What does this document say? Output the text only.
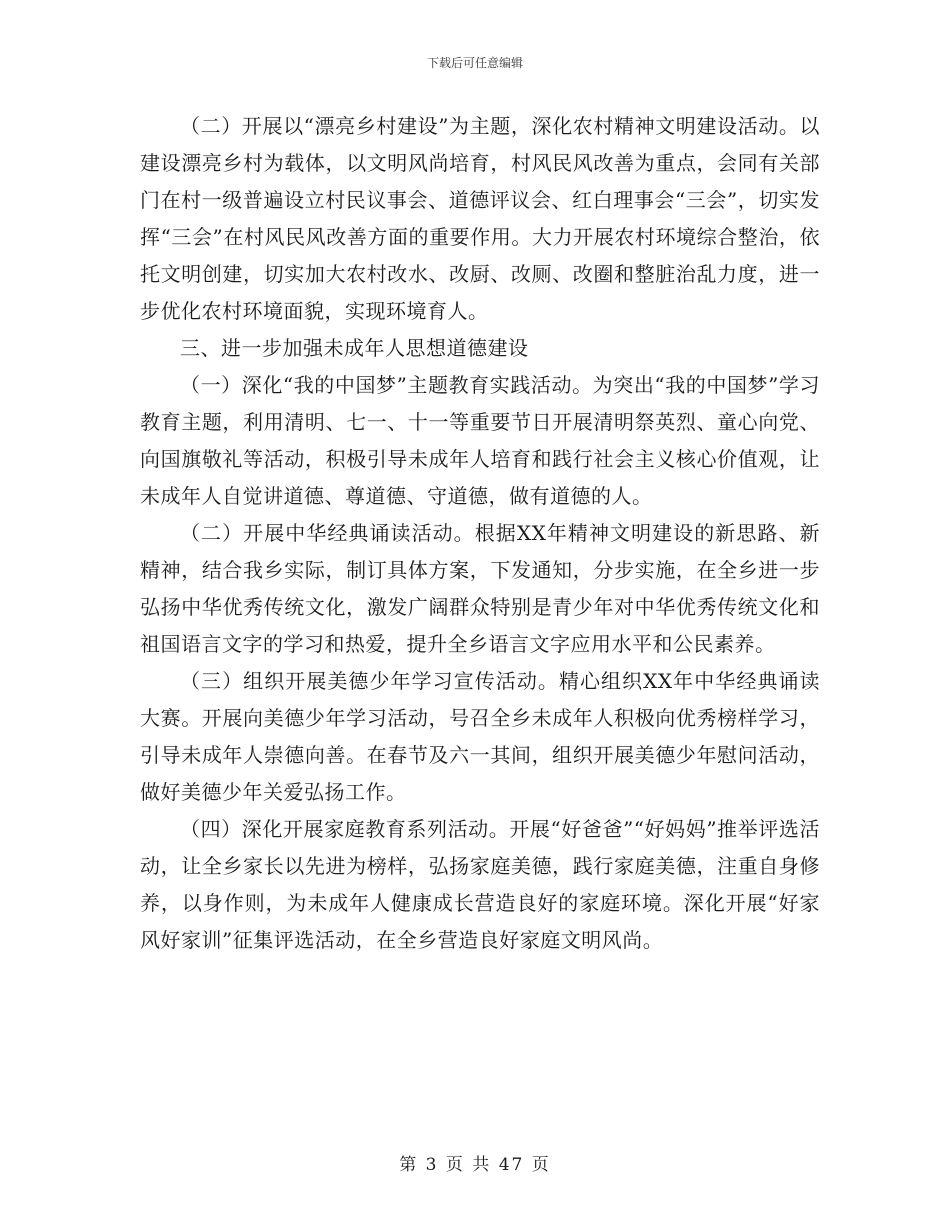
下载后可任意编辑

（二）开展以“漂亮乡村建设”为主题，深化农村精神文明建设活动。以建设漂亮乡村为载体，以文明风尚培育，村风民风改善为重点，会同有关部门在村一级普遍设立村民议事会、道德评议会、红白理事会“三会”，切实发挥“三会”在村风民风改善方面的重要作用。大力开展农村环境综合整治，依托文明创建，切实加大农村改水、改厨、改厕、改圈和整脏治乱力度，进一步优化农村环境面貌，实现环境育人。

三、进一步加强未成年人思想道德建设

（一）深化“我的中国梦”主题教育实践活动。为突出“我的中国梦”学习教育主题，利用清明、七一、十一等重要节日开展清明祭英烈、童心向党、向国旗敬礼等活动，积极引导未成年人培育和践行社会主义核心价值观，让未成年人自觉讲道德、尊道德、守道德，做有道德的人。

（二）开展中华经典诵读活动。根据XX年精神文明建设的新思路、新精神，结合我乡实际，制订具体方案，下发通知，分步实施，在全乡进一步弘扬中华优秀传统文化，激发广阔群众特别是青少年对中华优秀传统文化和祖国语言文字的学习和热爱，提升全乡语言文字应用水平和公民素养。

（三）组织开展美德少年学习宣传活动。精心组织XX年中华经典诵读大赛。开展向美德少年学习活动，号召全乡未成年人积极向优秀榜样学习，引导未成年人崇德向善。在春节及六一其间，组织开展美德少年慰问活动，做好美德少年关爱弘扬工作。

（四）深化开展家庭教育系列活动。开展“好爸爸”“好妈妈”推举评选活动，让全乡家长以先进为榜样，弘扬家庭美德，践行家庭美德，注重自身修养，以身作则，为未成年人健康成长营造良好的家庭环境。深化开展“好家风好家训”征集评选活动，在全乡营造良好家庭文明风尚。

第 3 页 共 47 页
